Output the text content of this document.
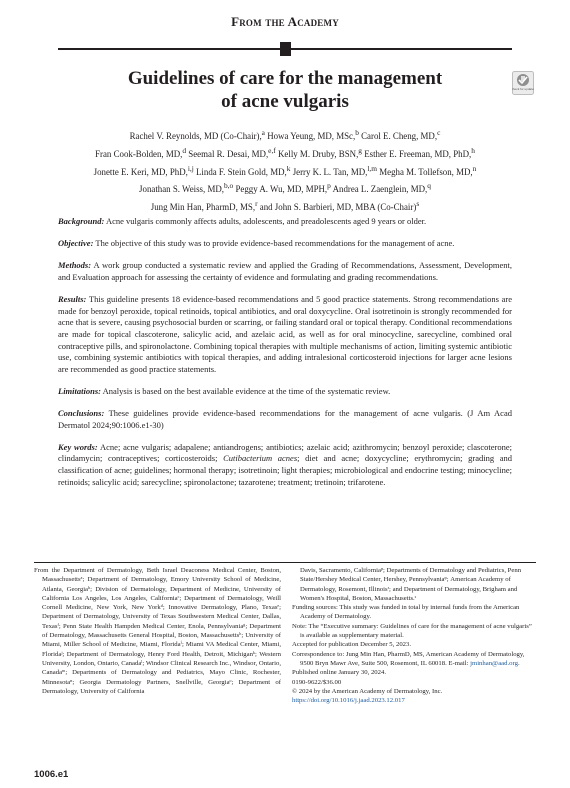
From the Academy
Guidelines of care for the management
of acne vulgaris
Check for updates
Rachel V. Reynolds, MD (Co-Chair),$^a$ Howa Yeung, MD, MSc,$^b$ Carol E. Cheng, MD,$^c$
Fran Cook-Bolden, MD,$^d$ Seemal R. Desai, MD,$^{e,f}$ Kelly M. Druby, BSN,$^g$ Esther E. Freeman, MD, PhD,$^h$
Jonette E. Keri, MD, PhD,$^{i,j}$ Linda F. Stein Gold, MD,$^k$ Jerry K. L. Tan, MD,$^{l,m}$ Megha M. Tollefson, MD,$^n$
Jonathan S. Weiss, MD,$^{b,o}$ Peggy A. Wu, MD, MPH,$^p$ Andrea L. Zaenglein, MD,$^q$
Jung Min Han, PharmD, MS,$^r$ and John S. Barbieri, MD, MBA (Co-Chair)$^s$

Background: Acne vulgaris commonly affects adults, adolescents, and preadolescents aged 9 years or older.

Objective: The objective of this study was to provide evidence-based recommendations for the management of acne.

Methods: A work group conducted a systematic review and applied the Grading of Recommendations, Assessment, Development, and Evaluation approach for assessing the certainty of evidence and formulating and grading recommendations.

Results: This guideline presents 18 evidence-based recommendations and 5 good practice statements. Strong recommendations are made for benzoyl peroxide, topical retinoids, topical antibiotics, and oral doxycycline. Oral isotretinoin is strongly recommended for acne that is severe, causing psychosocial burden or scarring, or failing standard oral or topical therapy. Conditional recommendations are made for topical clascoterone, salicylic acid, and azelaic acid, as well as for oral minocycline, sarecycline, combined oral contraceptive pills, and spironolactone. Combining topical therapies with multiple mechanisms of action, limiting systemic antibiotic use, combining systemic antibiotics with topical therapies, and adding intralesional corticosteroid injections for larger acne lesions are recommended as good practice statements.

Limitations: Analysis is based on the best available evidence at the time of the systematic review.

Conclusions: These guidelines provide evidence-based recommendations for the management of acne vulgaris. (J Am Acad Dermatol 2024;90:1006.e1-30)

Key words: Acne; acne vulgaris; adapalene; antiandrogens; antibiotics; azelaic acid; azithromycin; benzoyl peroxide; clascoterone; clindamycin; contraceptives; corticosteroids; Cutibacterium acnes; diet and acne; doxycycline; erythromycin; grading and classification of acne; guidelines; hormonal therapy; isotretinoin; light therapies; microbiological and endocrine testing; minocycline; retinoids; salicylic acid; sarecycline; spironolactone; tazarotene; treatment; tretinoin; trifarotene.

From the Department of Dermatology, Beth Israel Deaconess Medical Center, Boston, Massachusettsᵃ; Department of Dermatology, Emory University School of Medicine, Atlanta, Georgiaᵇ; Division of Dermatology, Department of Medicine, University of California Los Angeles, Los Angeles, Californiaᶜ; Department of Dermatology, Weill Cornell Medicine, New York, New Yorkᵈ; Innovative Dermatology, Plano, Texasᵉ; Department of Dermatology, University of Texas Southwestern Medical Center, Dallas, Texasᶠ; Penn State Health Hampden Medical Center, Enola, Pennsylvaniaᵍ; Department of Dermatology, Massachusetts General Hospital, Boston, Massachusettsʰ; University of Miami, Miller School of Medicine, Miami, Floridaⁱ; Miami VA Medical Center, Miami, Floridaʲ; Department of Dermatology, Henry Ford Health, Detroit, Michiganᵏ; Western University, London, Ontario, Canadaˡ; Windsor Clinical Research Inc., Windsor, Ontario, Canadaᵐ; Departments of Dermatology and Pediatrics, Mayo Clinic, Rochester, Minnesotaⁿ; Georgia Dermatology Partners, Snellville, Georgiaᵒ; Department of Dermatology, University of California
Davis, Sacramento, Californiaᵖ; Departments of Dermatology and Pediatrics, Penn State/Hershey Medical Center, Hershey, Pennsylvaniaᵠ; American Academy of Dermatology, Rosemont, Illinoisʳ; and Department of Dermatology, Brigham and Women's Hospital, Boston, Massachusetts.ˢ
Funding sources: This study was funded in total by internal funds from the American Academy of Dermatology.
Note: The “Executive summary: Guidelines of care for the management of acne vulgaris” is available as supplementary material.
Accepted for publication December 5, 2023.
Correspondence to: Jung Min Han, PharmD, MS, American Academy of Dermatology, 9500 Bryn Mawr Ave, Suite 500, Rosemont, IL 60018. E-mail: jminhan@aad.org.
Published online January 30, 2024.
0190-9622/$36.00
© 2024 by the American Academy of Dermatology, Inc.
https://doi.org/10.1016/j.jaad.2023.12.017
1006.e1
